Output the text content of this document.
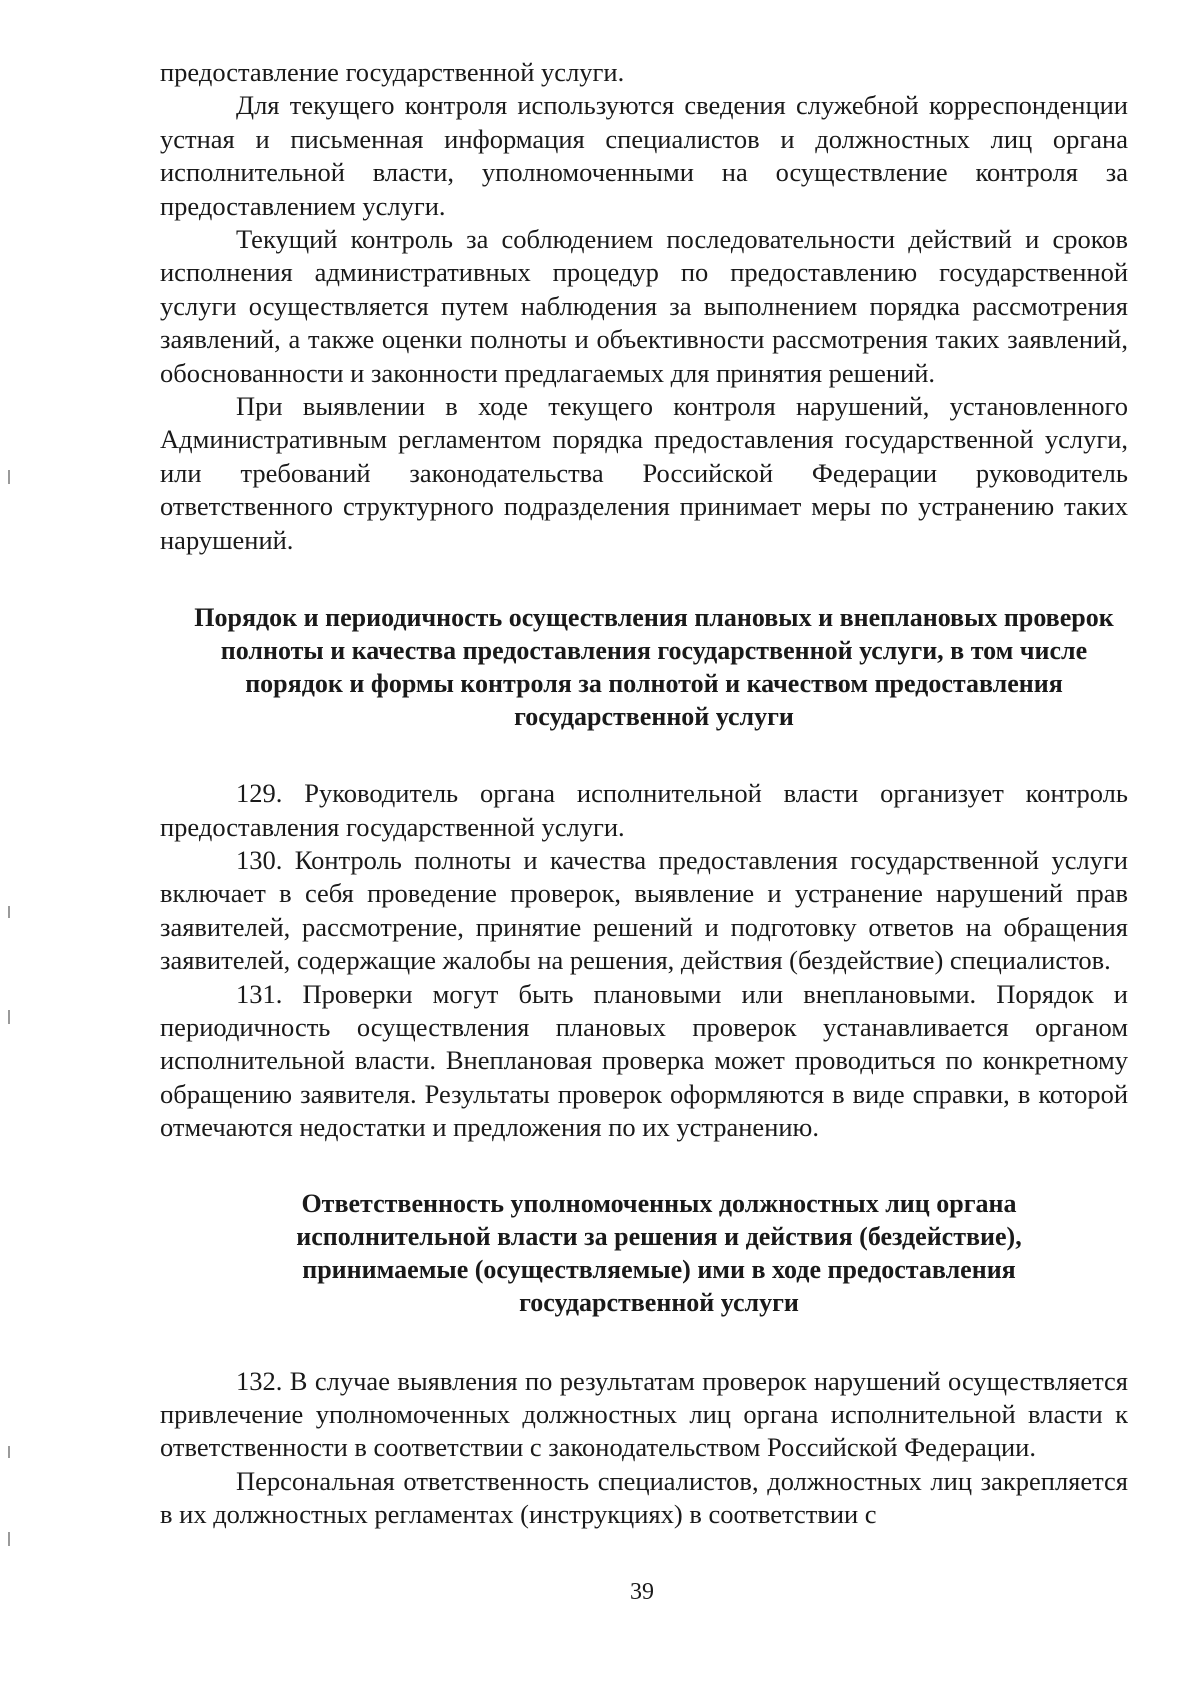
предоставление государственной услуги.

Для текущего контроля используются сведения служебной корреспонденции устная и письменная информация специалистов и должностных лиц органа исполнительной власти, уполномоченными на осуществление контроля за предоставлением услуги.

Текущий контроль за соблюдением последовательности действий и сроков исполнения административных процедур по предоставлению государственной услуги осуществляется путем наблюдения за выполнением порядка рассмотрения заявлений, а также оценки полноты и объективности рассмотрения таких заявлений, обоснованности и законности предлагаемых для принятия решений.

При выявлении в ходе текущего контроля нарушений, установленного Административным регламентом порядка предоставления государственной услуги, или требований законодательства Российской Федерации руководитель ответственного структурного подразделения принимает меры по устранению таких нарушений.

Порядок и периодичность осуществления плановых и внеплановых проверок полноты и качества предоставления государственной услуги, в том числе порядок и формы контроля за полнотой и качеством предоставления государственной услуги

129. Руководитель органа исполнительной власти организует контроль предоставления государственной услуги.

130. Контроль полноты и качества предоставления государственной услуги включает в себя проведение проверок, выявление и устранение нарушений прав заявителей, рассмотрение, принятие решений и подготовку ответов на обращения заявителей, содержащие жалобы на решения, действия (бездействие) специалистов.

131. Проверки могут быть плановыми или внеплановыми. Порядок и периодичность осуществления плановых проверок устанавливается органом исполнительной власти. Внеплановая проверка может проводиться по конкретному обращению заявителя. Результаты проверок оформляются в виде справки, в которой отмечаются недостатки и предложения по их устранению.

Ответственность уполномоченных должностных лиц органа исполнительной власти за решения и действия (бездействие), принимаемые (осуществляемые) ими в ходе предоставления государственной услуги

132. В случае выявления по результатам проверок нарушений осуществляется привлечение уполномоченных должностных лиц органа исполнительной власти к ответственности в соответствии с законодательством Российской Федерации.

Персональная ответственность специалистов, должностных лиц закрепляется в их должностных регламентах (инструкциях) в соответствии с

39
